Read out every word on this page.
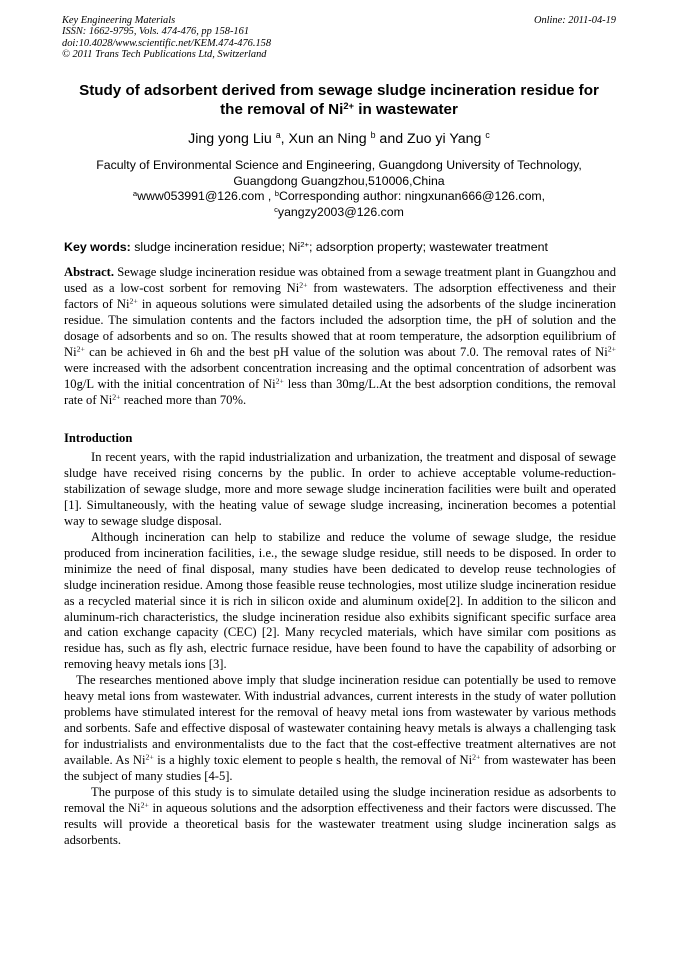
Key Engineering Materials
ISSN: 1662-9795, Vols. 474-476, pp 158-161
doi:10.4028/www.scientific.net/KEM.474-476.158
© 2011 Trans Tech Publications Ltd, Switzerland
Online: 2011-04-19
Study of adsorbent derived from sewage sludge incineration residue for
the removal of $Ni^{2+}$ in wastewater
Jing yong Liu $^a$, Xun an Ning $^b$ and Zuo yi Yang $^c$
Faculty of Environmental Science and Engineering, Guangdong University of Technology,
Guangdong Guangzhou,510006,China
$^a$www053991@126.com , $^b$Corresponding author: ningxunan666@126.com,
$^c$yangzy2003@126.com
Key words: sludge incineration residue; $Ni^{2+}$; adsorption property; wastewater treatment
Abstract. Sewage sludge incineration residue was obtained from a sewage treatment plant in Guangzhou and used as a low-cost sorbent for removing $Ni^{2+}$ from wastewaters. The adsorption effectiveness and their factors of $Ni^{2+}$ in aqueous solutions were simulated detailed using the adsorbents of the sludge incineration residue. The simulation contents and the factors included the adsorption time, the pH of solution and the dosage of adsorbents and so on. The results showed that at room temperature, the adsorption equilibrium of $Ni^{2+}$ can be achieved in 6h and the best pH value of the solution was about 7.0. The removal rates of $Ni^{2+}$ were increased with the adsorbent concentration increasing and the optimal concentration of adsorbent was 10g/L with the initial concentration of $Ni^{2+}$ less than 30mg/L.At the best adsorption conditions, the removal rate of $Ni^{2+}$ reached more than 70%.
Introduction

In recent years, with the rapid industrialization and urbanization, the treatment and disposal of sewage sludge have received rising concerns by the public. In order to achieve acceptable volume-reduction-stabilization of sewage sludge, more and more sewage sludge incineration facilities were built and operated [1]. Simultaneously, with the heating value of sewage sludge increasing, incineration becomes a potential way to sewage sludge disposal.

Although incineration can help to stabilize and reduce the volume of sewage sludge, the residue produced from incineration facilities, i.e., the sewage sludge residue, still needs to be disposed. In order to minimize the need of final disposal, many studies have been dedicated to develop reuse technologies of sludge incineration residue. Among those feasible reuse technologies, most utilize sludge incineration residue as a recycled material since it is rich in silicon oxide and aluminum oxide[2]. In addition to the silicon and aluminum-rich characteristics, the sludge incineration residue also exhibits significant specific surface area and cation exchange capacity (CEC) [2]. Many recycled materials, which have similar com positions as residue has, such as fly ash, electric furnace residue, have been found to have the capability of adsorbing or removing heavy metals ions [3].

The researches mentioned above imply that sludge incineration residue can potentially be used to remove heavy metal ions from wastewater. With industrial advances, current interests in the study of water pollution problems have stimulated interest for the removal of heavy metal ions from wastewater by various methods and sorbents. Safe and effective disposal of wastewater containing heavy metals is always a challenging task for industrialists and environmentalists due to the fact that the cost-effective treatment alternatives are not available. As $Ni^{2+}$ is a highly toxic element to people s health, the removal of $Ni^{2+}$ from wastewater has been the subject of many studies [4-5].

The purpose of this study is to simulate detailed using the sludge incineration residue as adsorbents to removal the $Ni^{2+}$ in aqueous solutions and the adsorption effectiveness and their factors were discussed. The results will provide a theoretical basis for the wastewater treatment using sludge incineration salgs as adsorbents.
